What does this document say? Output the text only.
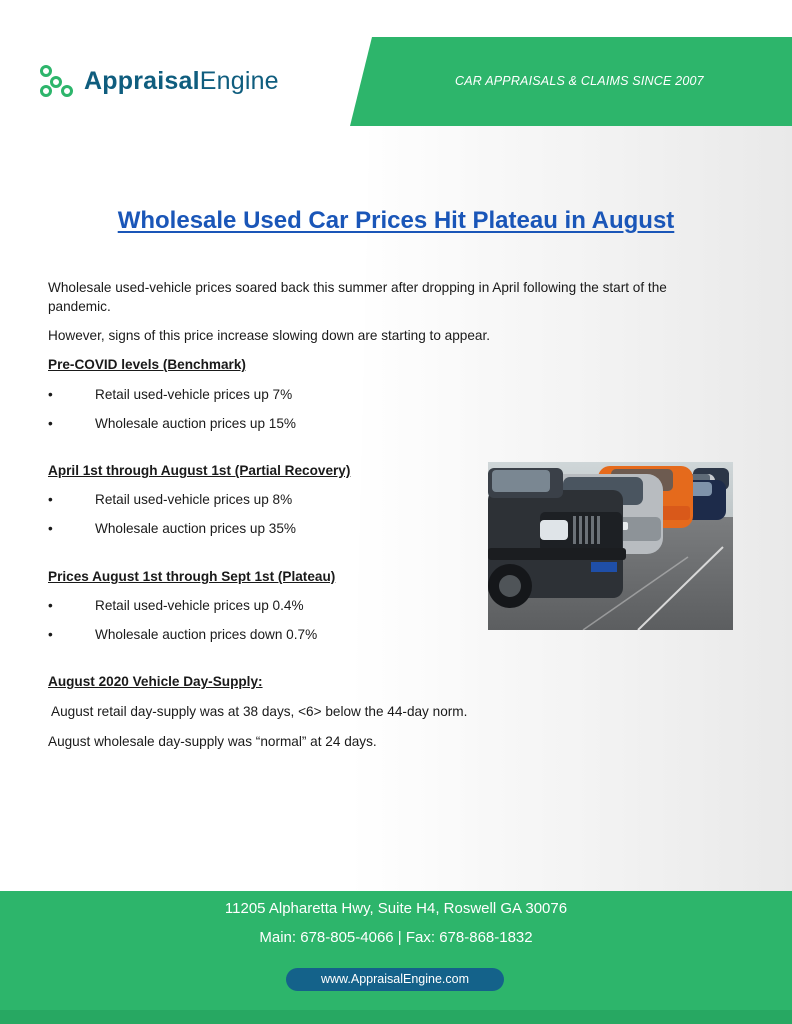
CAR APPRAISALS & CLAIMS SINCE 2007
AppraisalEngine
Wholesale Used Car Prices Hit Plateau in August

Wholesale used-vehicle prices soared back this summer after dropping in April following the start of the pandemic.

However, signs of this price increase slowing down are starting to appear.

Pre-COVID levels (Benchmark)
•	Retail used-vehicle prices up 7%
•	Wholesale auction prices up 15%
April 1st through August 1st (Partial Recovery)
•	Retail used-vehicle prices up 8%
•	Wholesale auction prices up 35%
Prices August 1st through Sept 1st (Plateau)
•	Retail used-vehicle prices up 0.4%
•	Wholesale auction prices down 0.7%
August 2020 Vehicle Day-Supply:
August retail day-supply was at 38 days, <6> below the 44-day norm.
August wholesale day-supply was “normal” at 24 days.
11205 Alpharetta Hwy, Suite H4, Roswell GA 30076
Main: 678-805-4066 | Fax: 678-868-1832
www.AppraisalEngine.com
